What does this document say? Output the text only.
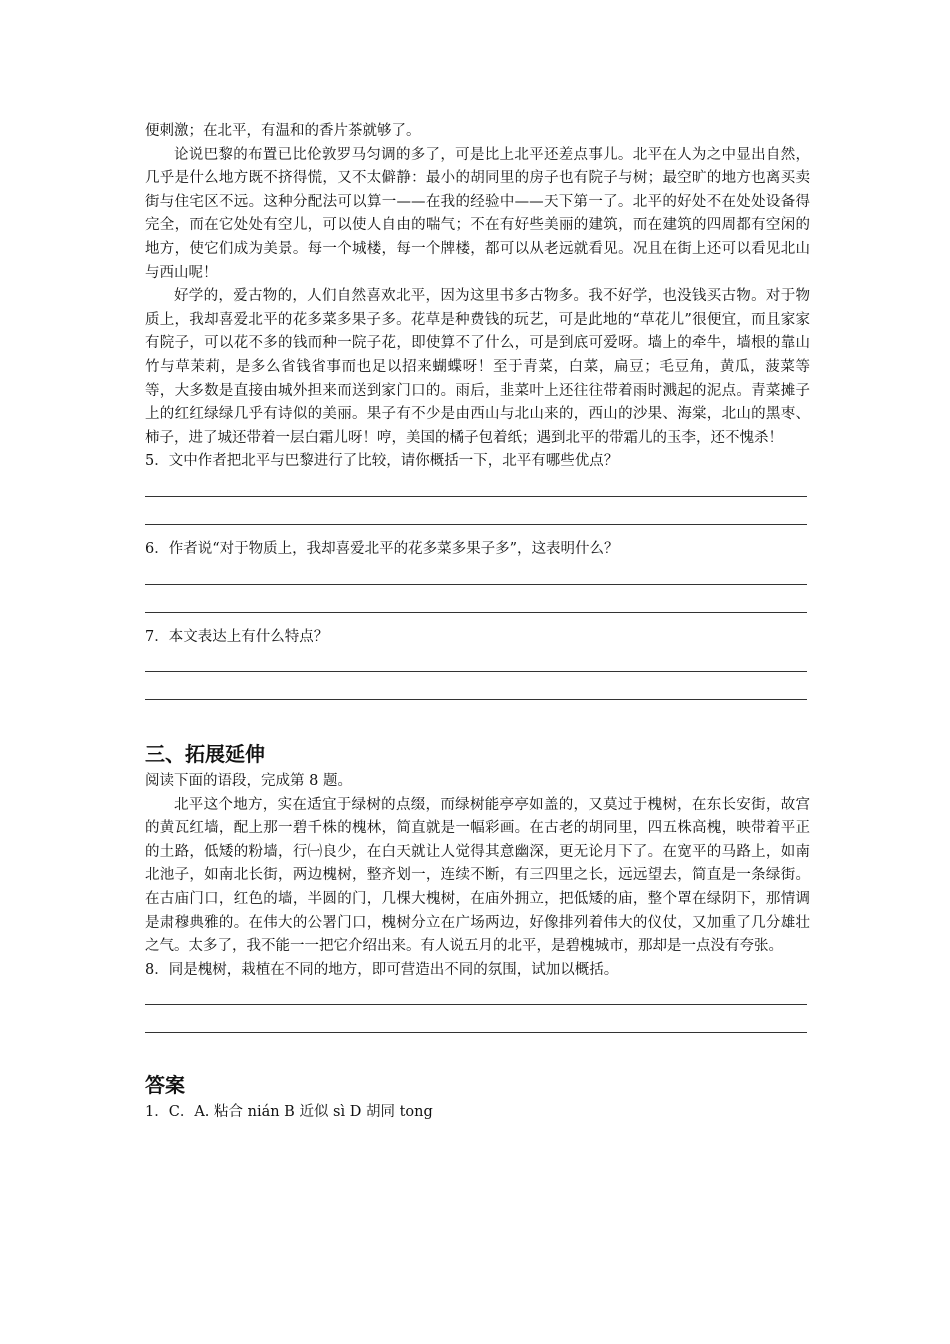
便刺激；在北平，有温和的香片茶就够了。

论说巴黎的布置已比伦敦罗马匀调的多了，可是比上北平还差点事儿。北平在人为之中显出自然，几乎是什么地方既不挤得慌，又不太僻静：最小的胡同里的房子也有院子与树；最空旷的地方也离买卖街与住宅区不远。这种分配法可以算一——在我的经验中——天下第一了。北平的好处不在处处设备得完全，而在它处处有空儿，可以使人自由的喘气；不在有好些美丽的建筑，而在建筑的四周都有空闲的地方，使它们成为美景。每一个城楼，每一个牌楼，都可以从老远就看见。况且在街上还可以看见北山与西山呢！

好学的，爱古物的，人们自然喜欢北平，因为这里书多古物多。我不好学，也没钱买古物。对于物质上，我却喜爱北平的花多菜多果子多。花草是种费钱的玩艺，可是此地的“草花儿”很便宜，而且家家有院子，可以花不多的钱而种一院子花，即使算不了什么，可是到底可爱呀。墙上的牵牛，墙根的靠山竹与草茉莉，是多么省钱省事而也足以招来蝴蝶呀！至于青菜，白菜，扁豆；毛豆角，黄瓜，菠菜等等，大多数是直接由城外担来而送到家门口的。雨后，韭菜叶上还往往带着雨时溅起的泥点。青菜摊子上的红红绿绿几乎有诗似的美丽。果子有不少是由西山与北山来的，西山的沙果、海棠，北山的黑枣、柿子，进了城还带着一层白霜儿呀！哼，美国的橘子包着纸；遇到北平的带霜儿的玉李，还不愧杀！

5．文中作者把北平与巴黎进行了比较，请你概括一下，北平有哪些优点？

6．作者说“对于物质上，我却喜爱北平的花多菜多果子多”，这表明什么？

7．本文表达上有什么特点？

三、拓展延伸

阅读下面的语段，完成第 8 题。

北平这个地方，实在适宜于绿树的点缀，而绿树能亭亭如盖的，又莫过于槐树，在东长安街，故宫的黄瓦红墙，配上那一碧千株的槐林，简直就是一幅彩画。在古老的胡同里，四五株高槐，映带着平正的土路，低矮的粉墙，行㈠良少，在白天就让人觉得其意幽深，更无论月下了。在宽平的马路上，如南北池子，如南北长街，两边槐树，整齐划一，连续不断，有三四里之长，远远望去，简直是一条绿街。在古庙门口，红色的墙，半圆的门，几棵大槐树，在庙外拥立，把低矮的庙，整个罩在绿阴下，那情调是肃穆典雅的。在伟大的公署门口，槐树分立在广场两边，好像排列着伟大的仪仗，又加重了几分雄壮之气。太多了，我不能一一把它介绍出来。有人说五月的北平，是碧槐城市，那却是一点没有夸张。

8．同是槐树，栽植在不同的地方，即可营造出不同的氛围，试加以概括。

答案

1．C．A. 粘合 nián B 近似 sì D 胡同 tong
